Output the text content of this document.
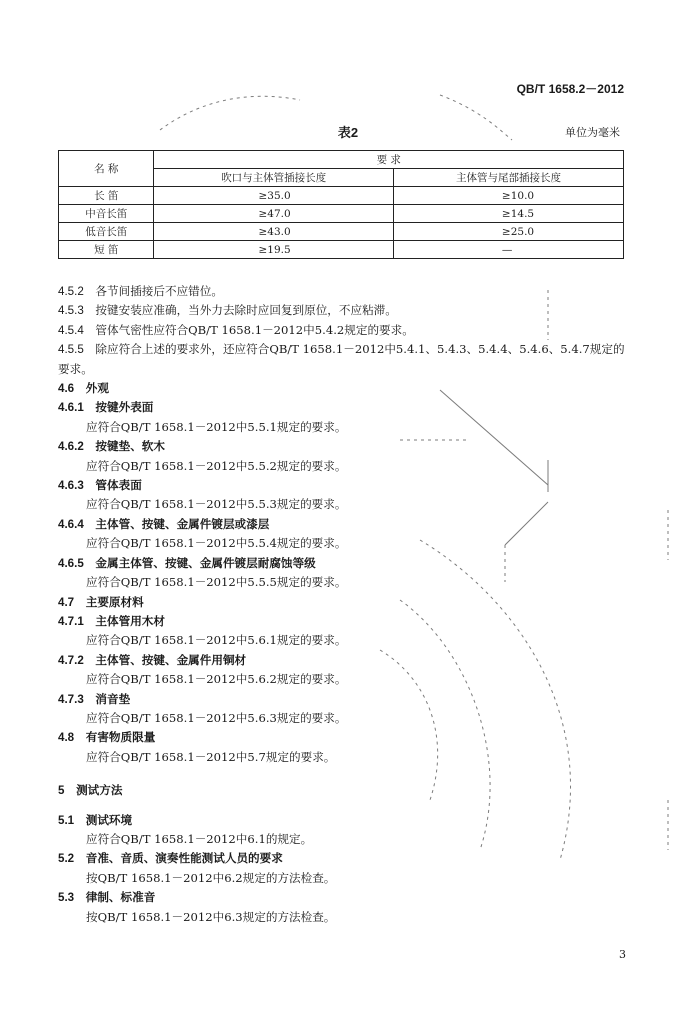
QB/T 1658.2－2012
表2	单位为毫米
名 称	要 求	
	吹口与主体管插接长度	主体管与尾部插接长度
长 笛	≥35.0	≥10.0
中音长笛	≥47.0	≥14.5
低音长笛	≥43.0	≥25.0
短 笛	≥19.5	—
4.5.2　 各节间插接后不应错位。
4.5.3　 按键安装应准确，当外力去除时应回复到原位，不应粘滞。
4.5.4　 管体气密性应符合QB/T 1658.1－2012中5.4.2规定的要求。
4.5.5　 除应符合上述的要求外，还应符合QB/T 1658.1－2012中5.4.1、5.4.3、5.4.4、5.4.6、5.4.7规定的
要求。
4.6　 外观
4.6.1　 按键外表面
应符合QB/T 1658.1－2012中5.5.1规定的要求。
4.6.2　 按键垫、软木
应符合QB/T 1658.1－2012中5.5.2规定的要求。
4.6.3　 管体表面
应符合QB/T 1658.1－2012中5.5.3规定的要求。
4.6.4　 主体管、按键、金属件镀层或漆层
应符合QB/T 1658.1－2012中5.5.4规定的要求。
4.6.5　 金属主体管、按键、金属件镀层耐腐蚀等级
应符合QB/T 1658.1－2012中5.5.5规定的要求。
4.7　 主要原材料
4.7.1　 主体管用木材
应符合QB/T 1658.1－2012中5.6.1规定的要求。
4.7.2　 主体管、按键、金属件用铜材
应符合QB/T 1658.1－2012中5.6.2规定的要求。
4.7.3　 消音垫
应符合QB/T 1658.1－2012中5.6.3规定的要求。
4.8　 有害物质限量
应符合QB/T 1658.1－2012中5.7规定的要求。
5　 测试方法
5.1　 测试环境
应符合QB/T 1658.1－2012中6.1的规定。
5.2　 音准、音质、演奏性能测试人员的要求
按QB/T 1658.1－2012中6.2规定的方法检查。
5.3　 律制、标准音
按QB/T 1658.1－2012中6.3规定的方法检查。
3
